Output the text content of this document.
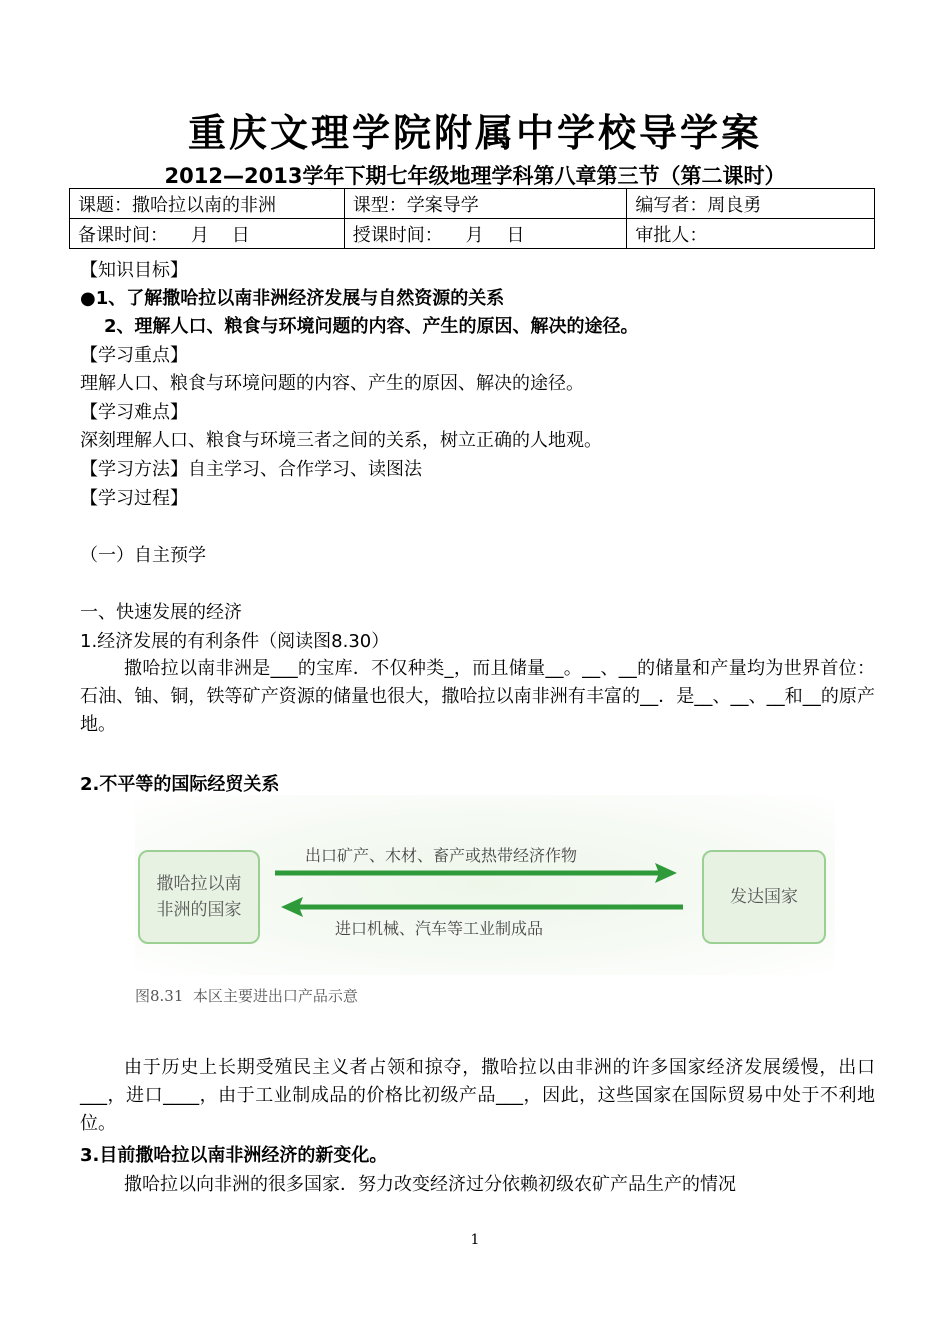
重庆文理学院附属中学校导学案
2012—2013学年下期七年级地理学科第八章第三节（第二课时）
课题：撒哈拉以南的非洲	课型：学案导学	编写者：周良勇
备课时间：    月    日	授课时间：    月    日	审批人：
【知识目标】
●1、了解撒哈拉以南非洲经济发展与自然资源的关系
2、理解人口、粮食与环境问题的内容、产生的原因、解决的途径。
【学习重点】
理解人口、粮食与环境问题的内容、产生的原因、解决的途径。
【学习难点】
深刻理解人口、粮食与环境三者之间的关系，树立正确的人地观。
【学习方法】自主学习、合作学习、读图法
【学习过程】
（一）自主预学
一、快速发展的经济
1.经济发展的有利条件（阅读图8.30）
撒哈拉以南非洲是___的宝库．不仅种类_，而且储量__。__、__的储量和产量均为世界首位：石油、铀、铜，铁等矿产资源的储量也很大，撒哈拉以南非洲有丰富的__．是__、__、__和__的原产地。
2.不平等的国际经贸关系
撒哈拉以南非洲的国家
发达国家
出口矿产、木材、畜产或热带经济作物
进口机械、汽车等工业制成品
图8.31  本区主要进出口产品示意
由于历史上长期受殖民主义者占领和掠夺，撒哈拉以由非洲的许多国家经济发展缓慢，出口___，进口____，由于工业制成品的价格比初级产品___，因此，这些国家在国际贸易中处于不利地位。
3.目前撒哈拉以南非洲经济的新变化。
撒哈拉以向非洲的很多国家．努力改变经济过分依赖初级农矿产品生产的情况
1
